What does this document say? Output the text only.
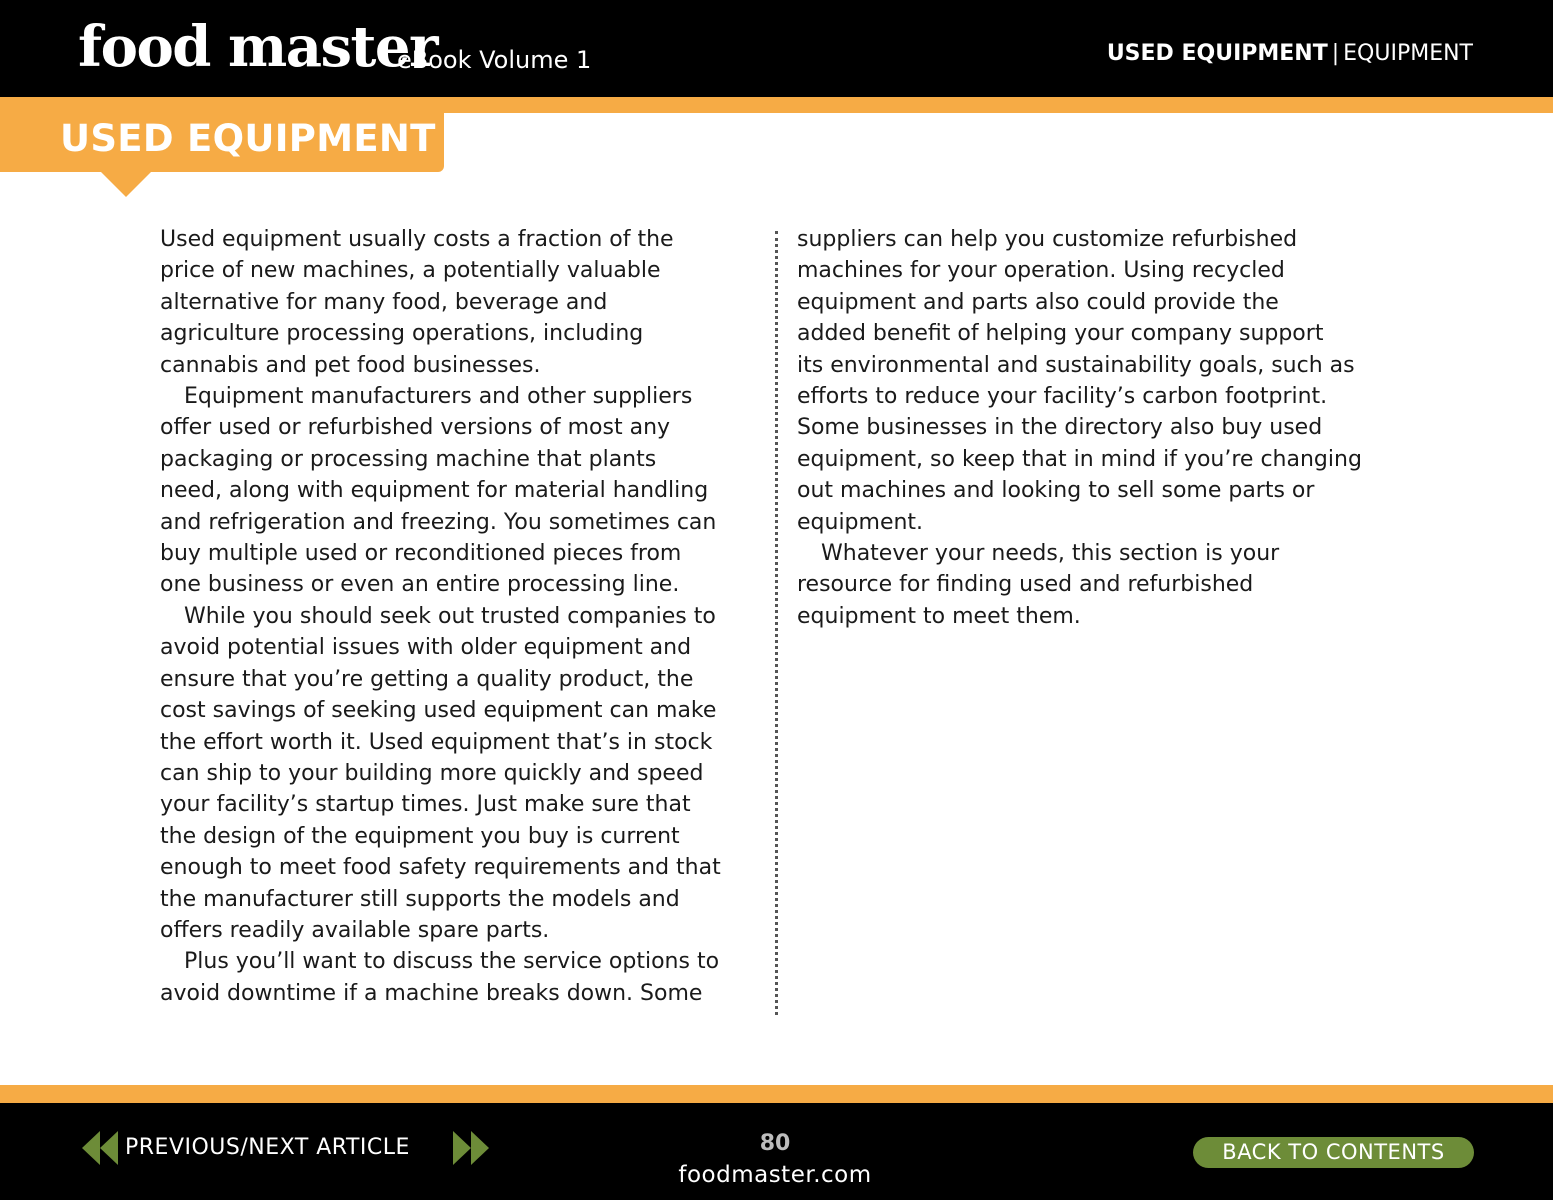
food master
eBook Volume 1	USED EQUIPMENT | EQUIPMENT
USED EQUIPMENT

Used equipment usually costs a fraction of the
price of new machines, a potentially valuable
alternative for many food, beverage and
agriculture processing operations, including
cannabis and pet food businesses.

Equipment manufacturers and other suppliers
offer used or refurbished versions of most any
packaging or processing machine that plants
need, along with equipment for material handling
and refrigeration and freezing. You sometimes can
buy multiple used or reconditioned pieces from
one business or even an entire processing line.

While you should seek out trusted companies to
avoid potential issues with older equipment and
ensure that you’re getting a quality product, the
cost savings of seeking used equipment can make
the effort worth it. Used equipment that’s in stock
can ship to your building more quickly and speed
your facility’s startup times. Just make sure that
the design of the equipment you buy is current
enough to meet food safety requirements and that
the manufacturer still supports the models and
offers readily available spare parts.

Plus you’ll want to discuss the service options to
avoid downtime if a machine breaks down. Some

suppliers can help you customize refurbished
machines for your operation. Using recycled
equipment and parts also could provide the
added benefit of helping your company support
its environmental and sustainability goals, such as
efforts to reduce your facility’s carbon footprint.
Some businesses in the directory also buy used
equipment, so keep that in mind if you’re changing
out machines and looking to sell some parts or
equipment.

Whatever your needs, this section is your
resource for finding used and refurbished
equipment to meet them.

PREVIOUS/NEXT ARTICLE	80
foodmaster.com
BACK TO CONTENTS
